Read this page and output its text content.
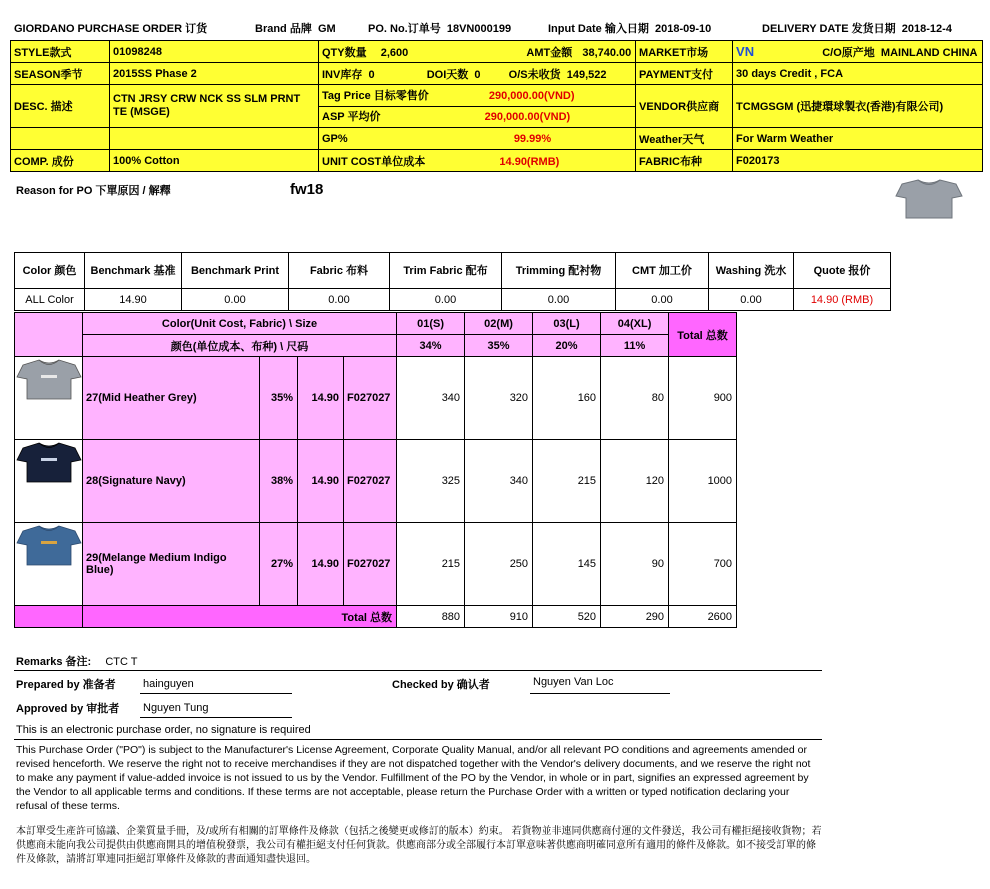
GIORDANO PURCHASE ORDER 订货	Brand 品牌 GM	PO. No.订单号 18VN000199	Input Date 输入日期 2018-09-10	DELIVERY DATE 发货日期 2018-12-4
STYLE款式	01098248	QTY数量 2,600 AMT金额 38,740.00	MARKET市场	VN C/O原产地 MAINLAND CHINA
SEASON季节	2015SS Phase 2	INV库存 0 DOI天数 0 O/S未收货 149,522	PAYMENT支付	30 days Credit , FCA
DESC. 描述	CTN JRSY CRW NCK SS SLM PRNT TE (MSGE)	Tag Price 目标零售价 290,000.00(VND)
ASP 平均价 290,000.00(VND)	VENDOR供应商	TCMGSGM (迅捷環球製衣(香港)有限公司)
		GP% 99.99%	Weather天气	For Warm Weather
COMP. 成份	100% Cotton	UNIT COST单位成本 14.90(RMB)	FABRIC布种	F020173
Reason for PO 下單原因 / 解釋	fw18
Color 颜色	Benchmark 基准	Benchmark Print	Fabric 布料	Trim Fabric 配布	Trimming 配衬物	CMT 加工价	Washing 洗水	Quote 报价
ALL Color	14.90	0.00	0.00	0.00	0.00	0.00	0.00	14.90 (RMB)
	Color(Unit Cost, Fabric) \ Size				01(S)	02(M)	03(L)	04(XL)	Total 总数
	颜色(单位成本、布种) \ 尺码				34%	35%	20%	11%	

	27(Mid Heather Grey)	35%	14.90	F027027	340	320	160	80	900

	28(Signature Navy)	38%	14.90	F027027	325	340	215	120	1000

	29(Melange Medium Indigo Blue)	27%	14.90	F027027	215	250	145	90	700
	Total 总数				880	910	520	290	2600
Remarks 备注: CTC T
Prepared by 准备者 hainguyen	Checked by 确认者	Nguyen Van Loc
Approved by 审批者 Nguyen Tung
This is an electronic purchase order, no signature is required
This Purchase Order ("PO") is subject to the Manufacturer's License Agreement, Corporate Quality Manual, and/or all relevant PO conditions and agreements amended or revised henceforth. We reserve the right not to receive merchandises if they are not dispatched together with the Vendor's delivery documents, and we reserve the right not to make any payment if value-added invoice is not issued to us by the Vendor. Fulfillment of the PO by the Vendor, in whole or in part, signifies an expressed agreement by the Vendor to all applicable terms and conditions. If these terms are not acceptable, please return the Purchase Order with a written or typed notification declaring your refusal of these terms.
本訂單受生產許可協議、企業質量手冊，及/或所有相關的訂單條件及條款（包括之後變更或修訂的版本）約束。 若貨物並非連同供應商付運的文件發送，我公司有權拒絕接收貨物；若供應商未能向我公司提供由供應商開具的增值稅發票，我公司有權拒絕支付任何貨款。供應商部分或全部履行本訂單意味著供應商明確同意所有適用的條件及條款。如不接受訂單的條件及條款，請將訂單連同拒絕訂單條件及條款的書面通知盡快退回。
